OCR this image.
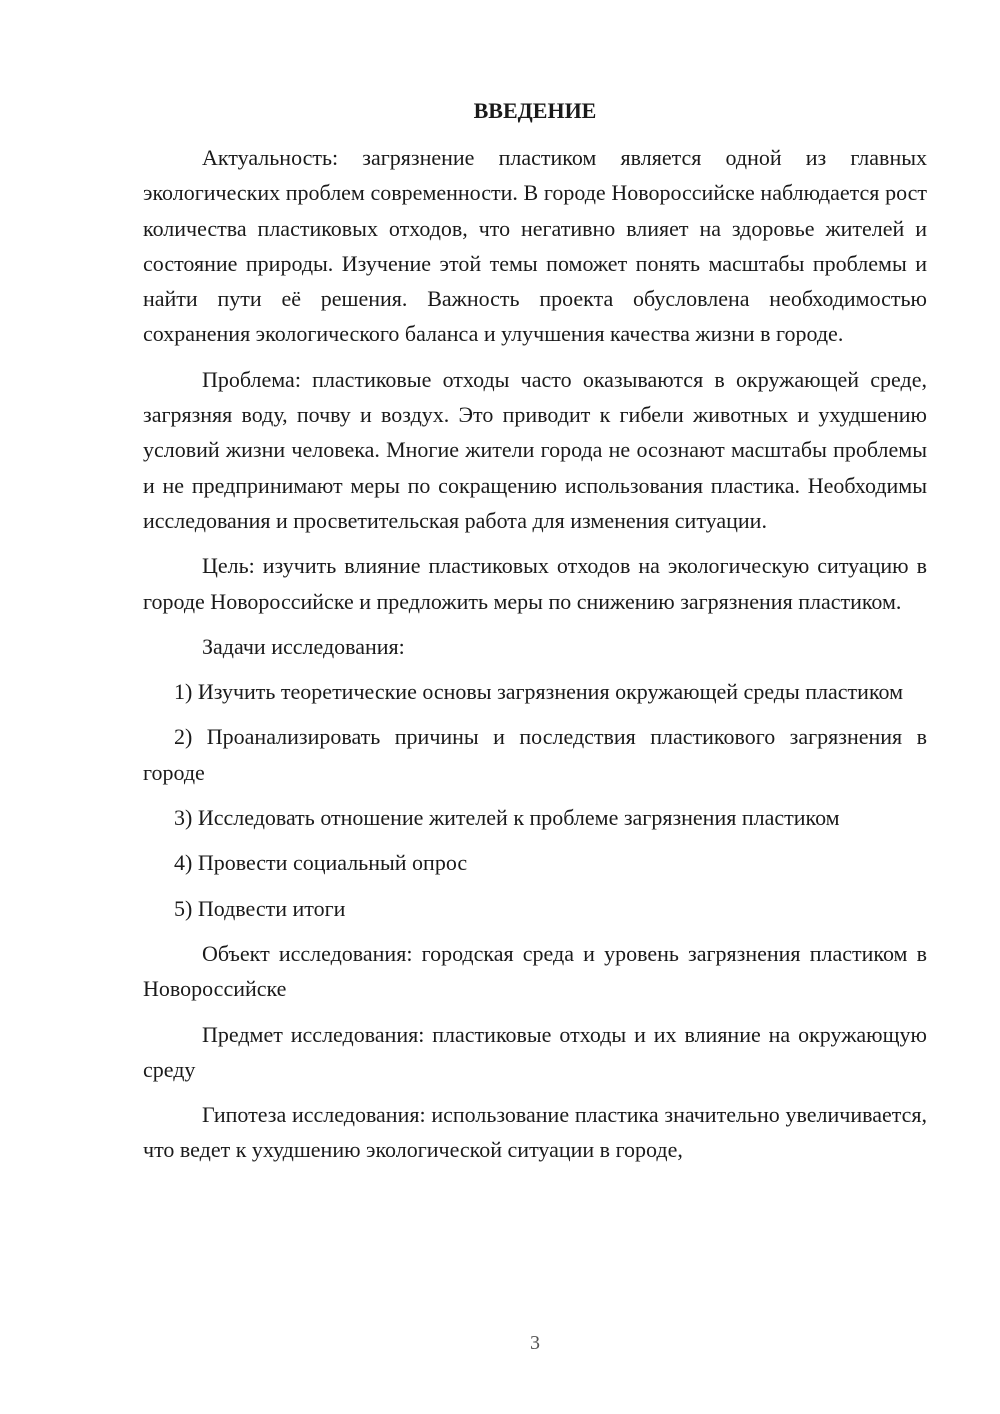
ВВЕДЕНИЕ

Актуальность: загрязнение пластиком является одной из главных экологических проблем современности. В городе Новороссийске наблюдается рост количества пластиковых отходов, что негативно влияет на здоровье жителей и состояние природы. Изучение этой темы поможет понять масштабы проблемы и найти пути её решения. Важность проекта обусловлена необходимостью сохранения экологического баланса и улучшения качества жизни в городе.

Проблема: пластиковые отходы часто оказываются в окружающей среде, загрязняя воду, почву и воздух. Это приводит к гибели животных и ухудшению условий жизни человека. Многие жители города не осознают масштабы проблемы и не предпринимают меры по сокращению использования пластика. Необходимы исследования и просветительская работа для изменения ситуации.

Цель: изучить влияние пластиковых отходов на экологическую ситуацию в городе Новороссийске и предложить меры по снижению загрязнения пластиком.

Задачи исследования:

1) Изучить теоретические основы загрязнения окружающей среды пластиком

2) Проанализировать причины и последствия пластикового загрязнения в городе

3) Исследовать отношение жителей к проблеме загрязнения пластиком

4) Провести социальный опрос

5) Подвести итоги

Объект исследования: городская среда и уровень загрязнения пластиком в Новороссийске

Предмет исследования: пластиковые отходы и их влияние на окружающую среду

Гипотеза исследования: использование пластика значительно увеличивается, что ведет к ухудшению экологической ситуации в городе,

3
